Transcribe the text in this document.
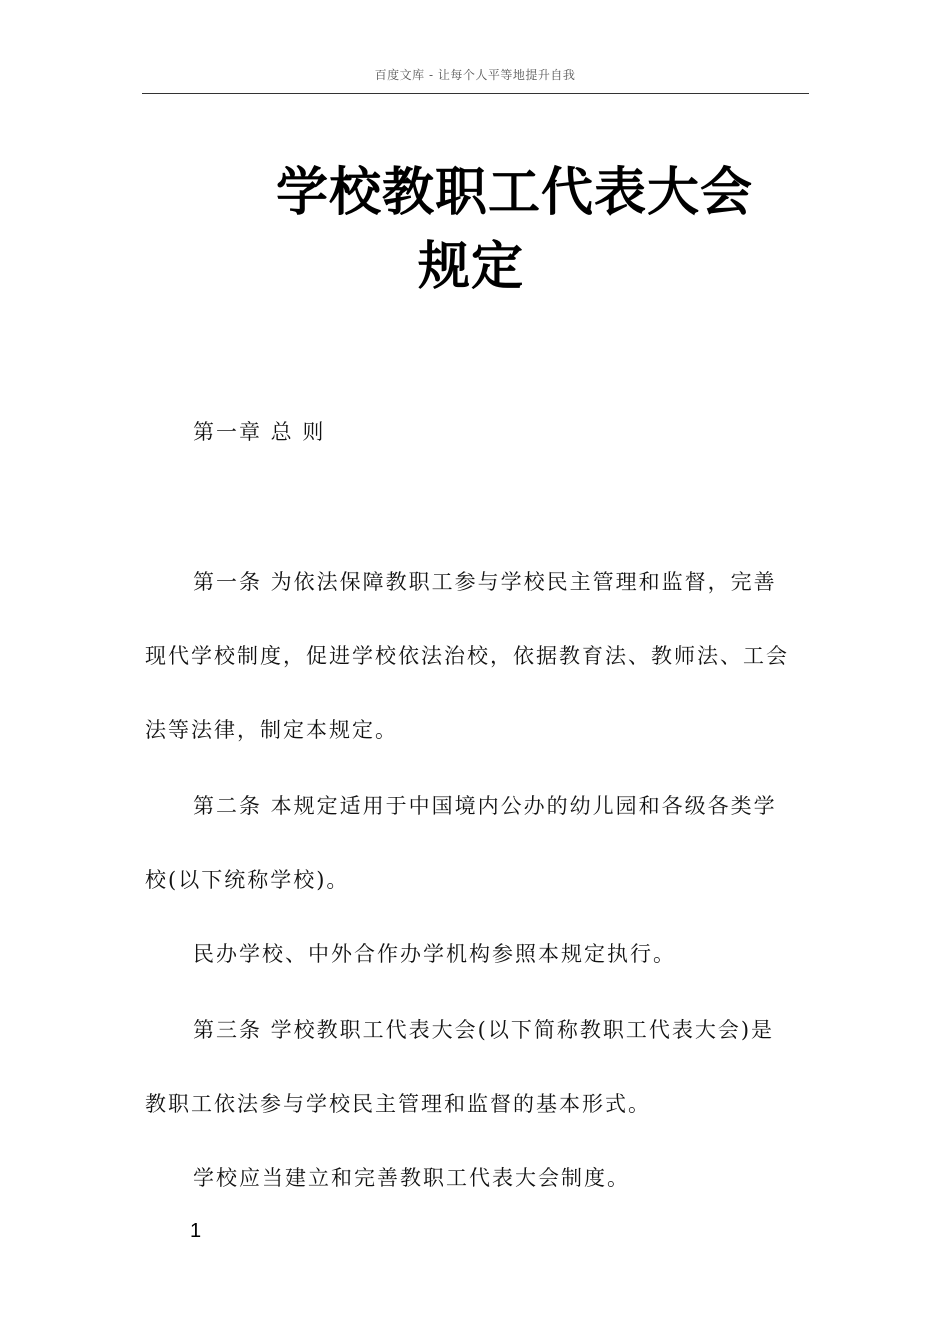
百度文库 - 让每个人平等地提升自我
学校教职工代表大会
规定
第一章 总 则
第一条 为依法保障教职工参与学校民主管理和监督，完善
现代学校制度，促进学校依法治校，依据教育法、教师法、工会
法等法律，制定本规定。
第二条 本规定适用于中国境内公办的幼儿园和各级各类学
校(以下统称学校)。
民办学校、中外合作办学机构参照本规定执行。
第三条 学校教职工代表大会(以下简称教职工代表大会)是
教职工依法参与学校民主管理和监督的基本形式。
学校应当建立和完善教职工代表大会制度。
1
